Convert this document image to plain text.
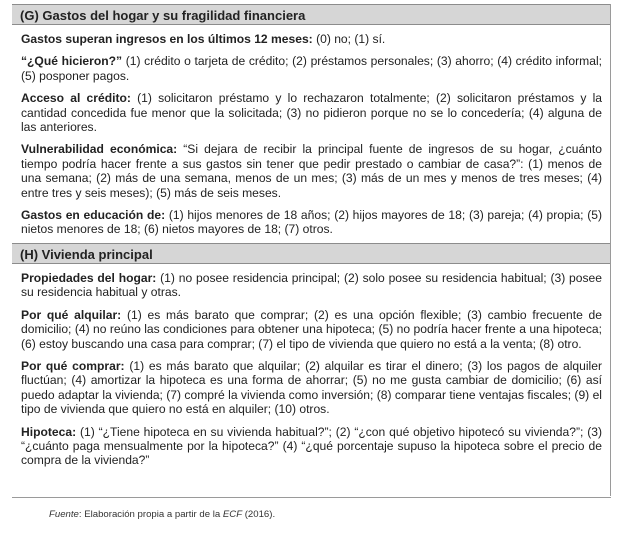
(G) Gastos del hogar y su fragilidad financiera
Gastos superan ingresos en los últimos 12 meses: (0) no; (1) sí.
“¿Qué hicieron?” (1) crédito o tarjeta de crédito; (2) préstamos personales; (3) ahorro; (4) crédito informal; (5) posponer pagos.
Acceso al crédito: (1) solicitaron préstamo y lo rechazaron totalmente; (2) solicitaron préstamos y la cantidad concedida fue menor que la solicitada; (3) no pidieron porque no se lo concedería; (4) alguna de las anteriores.
Vulnerabilidad económica: “Si dejara de recibir la principal fuente de ingresos de su hogar, ¿cuánto tiempo podría hacer frente a sus gastos sin tener que pedir prestado o cambiar de casa?”: (1) menos de una semana; (2) más de una semana, menos de un mes; (3) más de un mes y menos de tres meses; (4) entre tres y seis meses); (5) más de seis meses.
Gastos en educación de: (1) hijos menores de 18 años; (2) hijos mayores de 18; (3) pareja; (4) propia; (5) nietos menores de 18; (6) nietos mayores de 18; (7) otros.
(H) Vivienda principal
Propiedades del hogar: (1) no posee residencia principal; (2) solo posee su residencia habitual; (3) posee su residencia habitual y otras.
Por qué alquilar: (1) es más barato que comprar; (2) es una opción flexible; (3) cambio frecuente de domicilio; (4) no reúno las condiciones para obtener una hipoteca; (5) no podría hacer frente a una hipoteca; (6) estoy buscando una casa para comprar; (7) el tipo de vivienda que quiero no está a la venta; (8) otro.
Por qué comprar: (1) es más barato que alquilar; (2) alquilar es tirar el dinero; (3) los pagos de alquiler fluctúan; (4) amortizar la hipoteca es una forma de ahorrar; (5) no me gusta cambiar de domicilio; (6) así puedo adaptar la vivienda; (7) compré la vivienda como inversión; (8) comparar tiene ventajas fiscales; (9) el tipo de vivienda que quiero no está en alquiler; (10) otros.
Hipoteca: (1) “¿Tiene hipoteca en su vivienda habitual?”; (2) “¿con qué objetivo hipotecó su vivienda?”; (3) “¿cuánto paga mensualmente por la hipoteca?” (4) “¿qué porcentaje supuso la hipoteca sobre el precio de compra de la vivienda?”
Fuente: Elaboración propia a partir de la ECF (2016).
